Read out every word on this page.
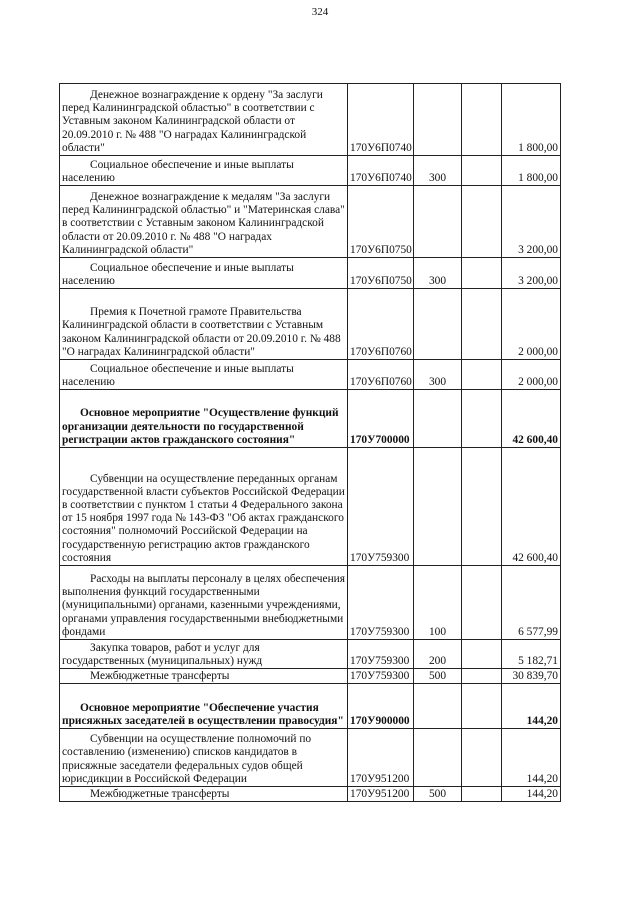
324
Денежное вознаграждение к ордену "За заслуги перед Калининградской областью" в соответствии с Уставным законом Калининградской области от 20.09.2010 г. № 488 "О наградах Калининградской области"	170У6П0740			1 800,00
Социальное обеспечение и иные выплаты населению	170У6П0740	300		1 800,00
Денежное вознаграждение к медалям "За заслуги перед Калининградской областью" и "Материнская слава" в соответствии с Уставным законом Калининградской области от 20.09.2010 г. № 488 "О наградах Калининградской области"	170У6П0750			3 200,00
Социальное обеспечение и иные выплаты населению	170У6П0750	300		3 200,00
Премия к Почетной грамоте Правительства Калининградской области в соответствии с Уставным законом Калининградской области от 20.09.2010 г. № 488 "О наградах Калининградской области"	170У6П0760			2 000,00
Социальное обеспечение и иные выплаты населению	170У6П0760	300		2 000,00
Основное мероприятие "Осуществление функций организации деятельности по государственной регистрации актов гражданского состояния"	170У700000			42 600,40
Субвенции на осуществление переданных органам государственной власти субъектов Российской Федерации в соответствии с пунктом 1 статьи 4 Федерального закона от 15 ноября 1997 года № 143-ФЗ "Об актах гражданского состояния" полномочий Российской Федерации на государственную регистрацию актов гражданского состояния	170У759300			42 600,40
Расходы на выплаты персоналу в целях обеспечения выполнения функций государственными (муниципальными) органами, казенными учреждениями, органами управления государственными внебюджетными фондами	170У759300	100		6 577,99
Закупка товаров, работ и услуг для государственных (муниципальных) нужд	170У759300	200		5 182,71
Межбюджетные трансферты	170У759300	500		30 839,70
Основное мероприятие "Обеспечение участия присяжных заседателей в осуществлении правосудия"	170У900000			144,20
Субвенции на осуществление полномочий по составлению (изменению) списков кандидатов в присяжные заседатели федеральных судов общей юрисдикции в Российской Федерации	170У951200			144,20
Межбюджетные трансферты	170У951200	500		144,20
